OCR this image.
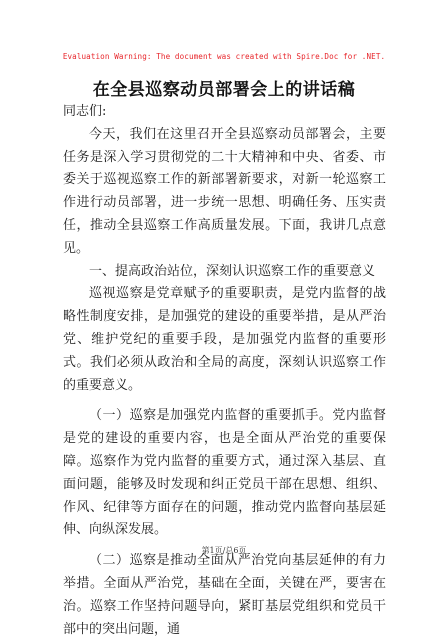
Evaluation Warning: The document was created with Spire.Doc for .NET.
在全县巡察动员部署会上的讲话稿

同志们:

今天，我们在这里召开全县巡察动员部署会，主要任务是深入学习贯彻党的二十大精神和中央、省委、市委关于巡视巡察工作的新部署新要求，对新一轮巡察工作进行动员部署，进一步统一思想、明确任务、压实责任，推动全县巡察工作高质量发展。下面，我讲几点意见。

一、提高政治站位，深刻认识巡察工作的重要意义

巡视巡察是党章赋予的重要职责，是党内监督的战略性制度安排，是加强党的建设的重要举措，是从严治党、维护党纪的重要手段，是加强党内监督的重要形式。我们必须从政治和全局的高度，深刻认识巡察工作的重要意义。

（一）巡察是加强党内监督的重要抓手。党内监督是党的建设的重要内容，也是全面从严治党的重要保障。巡察作为党内监督的重要方式，通过深入基层、直面问题，能够及时发现和纠正党员干部在思想、组织、作风、纪律等方面存在的问题，推动党内监督向基层延伸、向纵深发展。

（二）巡察是推动全面从严治党向基层延伸的有力举措。全面从严治党，基础在全面，关键在严，要害在治。巡察工作坚持问题导向，紧盯基层党组织和党员干部中的突出问题，通

第1页/总6页
